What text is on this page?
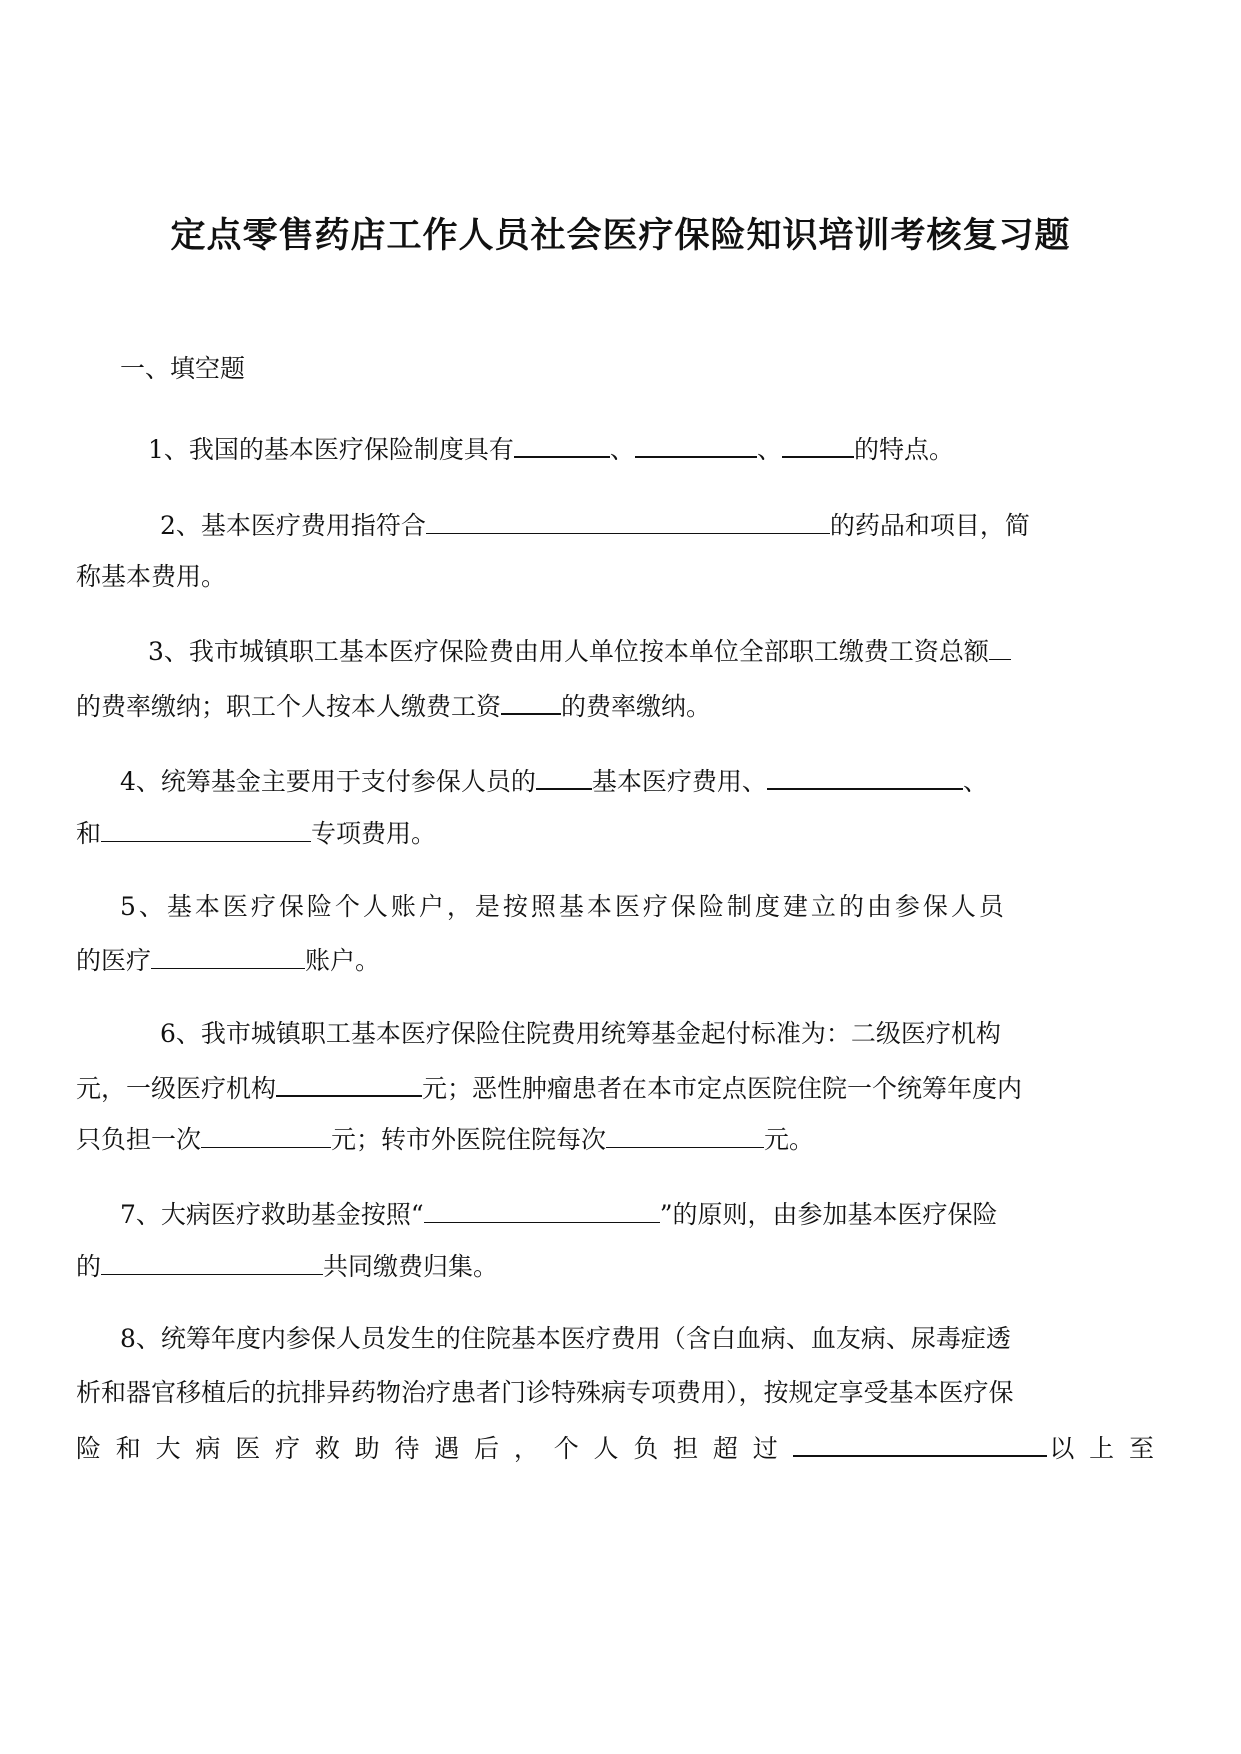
定点零售药店工作人员社会医疗保险知识培训考核复习题
一、填空题
1、我国的基本医疗保险制度具有	、	、	的特点。
2、基本医疗费用指符合	的药品和项目，简
称基本费用。
3、我市城镇职工基本医疗保险费由用人单位按本单位全部职工缴费工资总额
的费率缴纳；职工个人按本人缴费工资 的费率缴纳。
4、统筹基金主要用于支付参保人员的 基本医疗费用、	、
和	专项费用。
5、基本医疗保险个人账户，是按照基本医疗保险制度建立的由参保人员
的医疗	账户。
6、我市城镇职工基本医疗保险住院费用统筹基金起付标准为：二级医疗机构
元，一级医疗机构	元；恶性肿瘤患者在本市定点医院住院一个统筹年度内
只负担一次	元；转市外医院住院每次	元。
7、大病医疗救助基金按照“	”的原则，由参加基本医疗保险
的	共同缴费归集。
8、统筹年度内参保人员发生的住院基本医疗费用（含白血病、血友病、尿毒症透
析和器官移植后的抗排异药物治疗患者门诊特殊病专项费用），按规定享受基本医疗保
险和大病医疗救助待遇后，个人负担超过	以上至
